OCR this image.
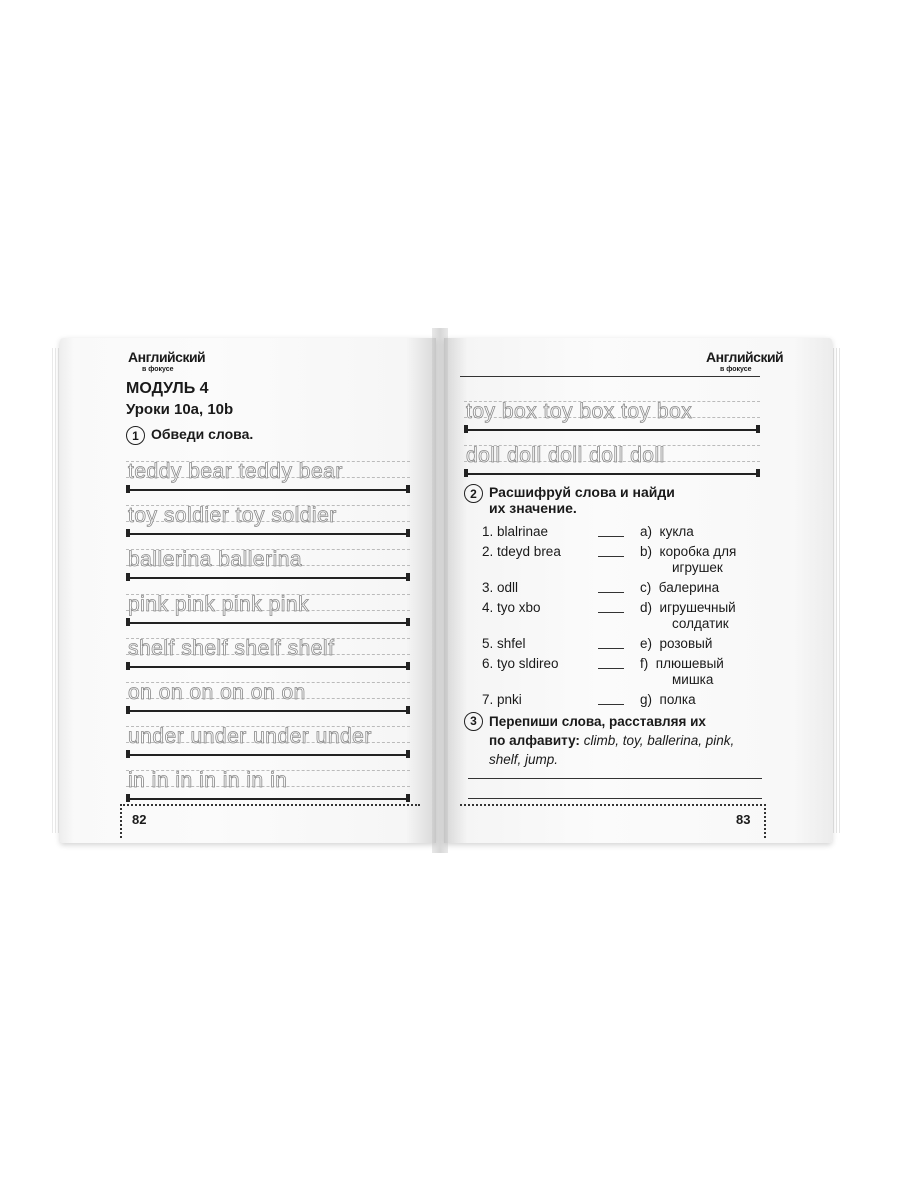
Английский
в фокусе
МОДУЛЬ 4
Уроки 10a, 10b
1 Обведи слова.
teddy bear teddy bear
toy soldier toy soldier
ballerina ballerina
pink pink pink pink
shelf shelf shelf shelf
on on on on on on
under under under under
in in in in in in in
82
Английский
в фокусе
toy box toy box toy box
doll doll doll doll doll
2 Расшифруй слова и найди
их значение.
1. blalrinae	a) кукла
2. tdeyd brea	b) коробка для
игрушек
3. odll	c) балерина
4. tyo xbo	d) игрушечный
солдатик
5. shfel	e) розовый
6. tyo sldireo	f) плюшевый
мишка
7. pnki	g) полка
3 Перепиши слова, расставляя их
по алфавиту: climb, toy, ballerina, pink,
shelf, jump.
83
